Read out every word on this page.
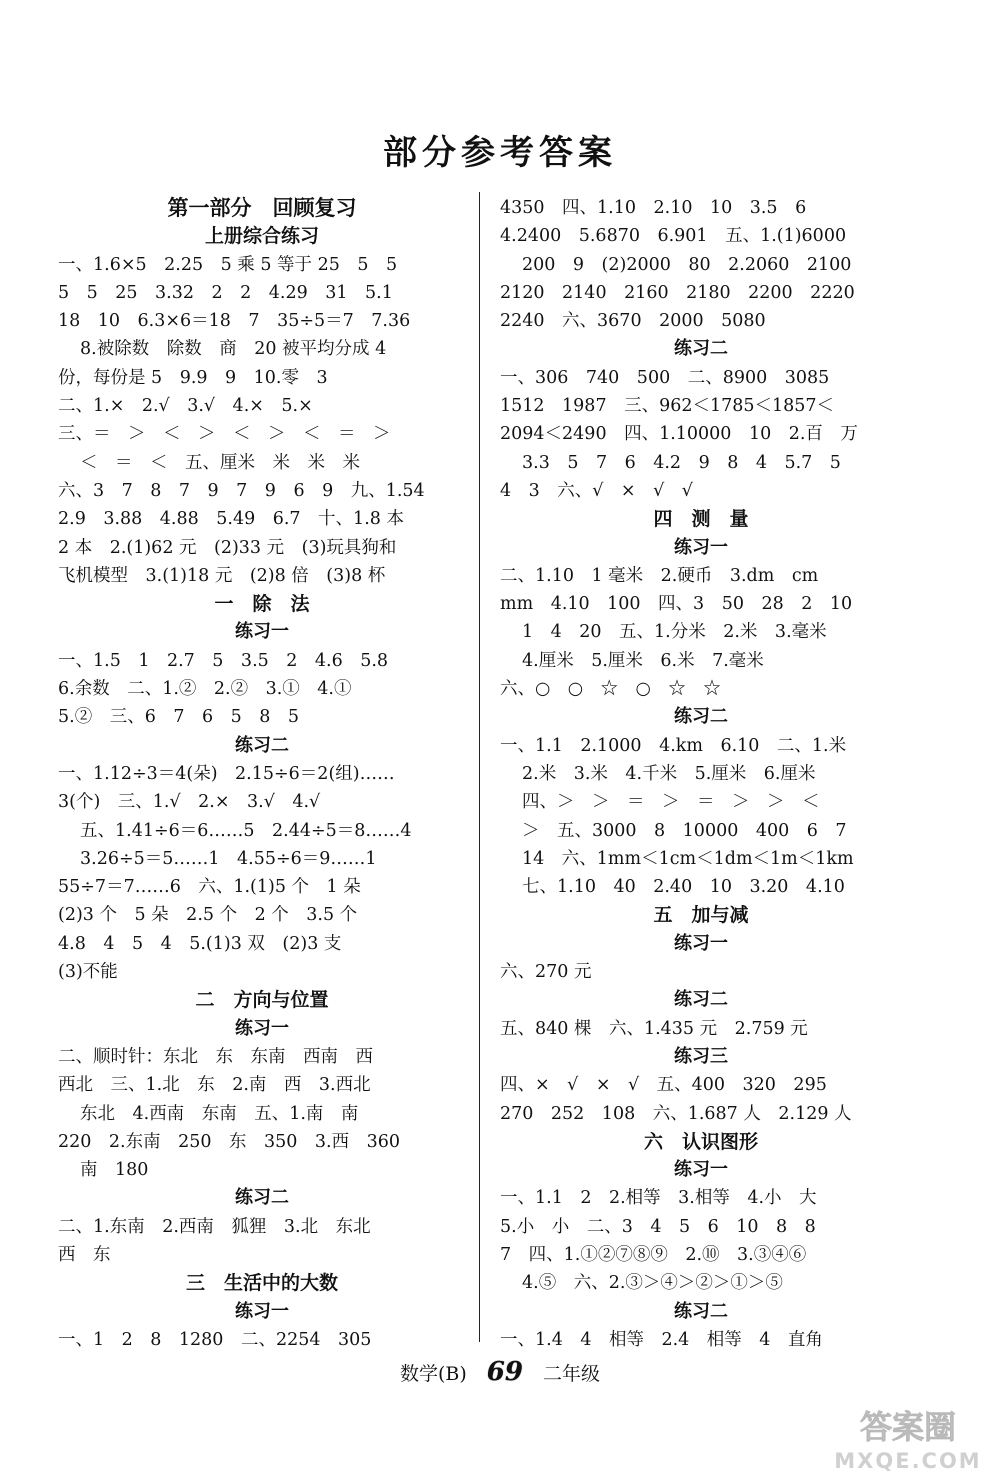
部分参考答案
第一部分　回顾复习
上册综合练习
一、1.6×5　2.25　5 乘 5 等于 25　5　5
5　5　25　3.32　2　2　4.29　31　5.1
18　10　6.3×6＝18　7　35÷5＝7　7.36
8.被除数　除数　商　20 被平均分成 4
份，每份是 5　9.9　9　10.零　3
二、1.×　2.√　3.√　4.×　5.×
三、＝　＞　＜　＞　＜　＞　＜　＝　＞
＜　＝　＜　五、厘米　米　米　米
六、3　7　8　7　9　7　9　6　9　九、1.54
2.9　3.88　4.88　5.49　6.7　十、1.8 本
2 本　2.(1)62 元　(2)33 元　(3)玩具狗和
飞机模型　3.(1)18 元　(2)8 倍　(3)8 杯
一　除　法
练习一
一、1.5　1　2.7　5　3.5　2　4.6　5.8
6.余数　二、1.②　2.②　3.①　4.①
5.②　三、6　7　6　5　8　5
练习二
一、1.12÷3＝4(朵)　2.15÷6＝2(组)……
3(个)　三、1.√　2.×　3.√　4.√
五、1.41÷6＝6……5　2.44÷5＝8……4
3.26÷5＝5……1　4.55÷6＝9……1
55÷7＝7……6　六、1.(1)5 个　1 朵
(2)3 个　5 朵　2.5 个　2 个　3.5 个
4.8　4　5　4　5.(1)3 双　(2)3 支
(3)不能
二　方向与位置
练习一
二、顺时针：东北　东　东南　西南　西
西北　三、1.北　东　2.南　西　3.西北
东北　4.西南　东南　五、1.南　南
220　2.东南　250　东　350　3.西　360
南　180
练习二
二、1.东南　2.西南　狐狸　3.北　东北
西　东
三　生活中的大数
练习一
一、1　2　8　1280　二、2254　305
4350　四、1.10　2.10　10　3.5　6
4.2400　5.6870　6.901　五、1.(1)6000
200　9　(2)2000　80　2.2060　2100
2120　2140　2160　2180　2200　2220
2240　六、3670　2000　5080
练习二
一、306　740　500　二、8900　3085
1512　1987　三、962＜1785＜1857＜
2094＜2490　四、1.10000　10　2.百　万
3.3　5　7　6　4.2　9　8　4　5.7　5
4　3　六、√　×　√　√
四　测　量
练习一
二、1.10　1 毫米　2.硬币　3.dm　cm
mm　4.10　100　四、3　50　28　2　10
1　4　20　五、1.分米　2.米　3.毫米
4.厘米　5.厘米　6.米　7.毫米
六、○　○　☆　○　☆　☆
练习二
一、1.1　2.1000　4.km　6.10　二、1.米
2.米　3.米　4.千米　5.厘米　6.厘米
四、＞　＞　＝　＞　＝　＞　＞　＜
＞　五、3000　8　10000　400　6　7
14　六、1mm＜1cm＜1dm＜1m＜1km
七、1.10　40　2.40　10　3.20　4.10
五　加与减
练习一
六、270 元
练习二
五、840 棵　六、1.435 元　2.759 元
练习三
四、×　√　×　√　五、400　320　295
270　252　108　六、1.687 人　2.129 人
六　认识图形
练习一
一、1.1　2　2.相等　3.相等　4.小　大
5.小　小　二、3　4　5　6　10　8　8
7　四、1.①②⑦⑧⑨　2.⑩　3.③④⑥
4.⑤　六、2.③＞④＞②＞①＞⑤
练习二
一、1.4　4　相等　2.4　相等　4　直角
数学(B) 69 二年级
答案圈
MXQE.COM
